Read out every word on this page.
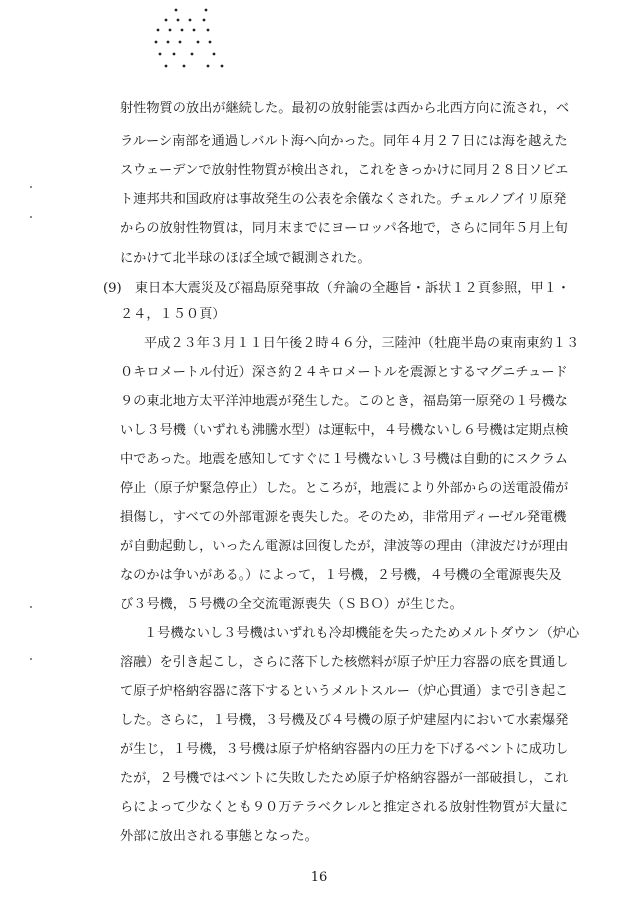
射性物質の放出が継続した。最初の放射能雲は西から北西方向に流され，ベ
ラルーシ南部を通過しバルト海へ向かった。同年４月２７日には海を越えた
スウェーデンで放射性物質が検出され，これをきっかけに同月２８日ソビエ
ト連邦共和国政府は事故発生の公表を余儀なくされた。チェルノブイリ原発
からの放射性物質は，同月末までにヨーロッパ各地で，さらに同年５月上旬
にかけて北半球のほぼ全域で観測された。
(9)　東日本大震災及び福島原発事故（弁論の全趣旨・訴状１２頁参照，甲１・
２４，１５０頁）
平成２３年３月１１日午後２時４６分，三陸沖（牡鹿半島の東南東約１３
０キロメートル付近）深さ約２４キロメートルを震源とするマグニチュード
９の東北地方太平洋沖地震が発生した。このとき，福島第一原発の１号機な
いし３号機（いずれも沸騰水型）は運転中，４号機ないし６号機は定期点検
中であった。地震を感知してすぐに１号機ないし３号機は自動的にスクラム
停止（原子炉緊急停止）した。ところが，地震により外部からの送電設備が
損傷し，すべての外部電源を喪失した。そのため，非常用ディーゼル発電機
が自動起動し，いったん電源は回復したが，津波等の理由（津波だけが理由
なのかは争いがある。）によって，１号機，２号機，４号機の全電源喪失及
び３号機，５号機の全交流電源喪失（ＳＢＯ）が生じた。
１号機ないし３号機はいずれも冷却機能を失ったためメルトダウン（炉心
溶融）を引き起こし，さらに落下した核燃料が原子炉圧力容器の底を貫通し
て原子炉格納容器に落下するというメルトスルー（炉心貫通）まで引き起こ
した。さらに，１号機，３号機及び４号機の原子炉建屋内において水素爆発
が生じ，１号機，３号機は原子炉格納容器内の圧力を下げるベントに成功し
たが，２号機ではベントに失敗したため原子炉格納容器が一部破損し，これ
らによって少なくとも９０万テラベクレルと推定される放射性物質が大量に
外部に放出される事態となった。
16
